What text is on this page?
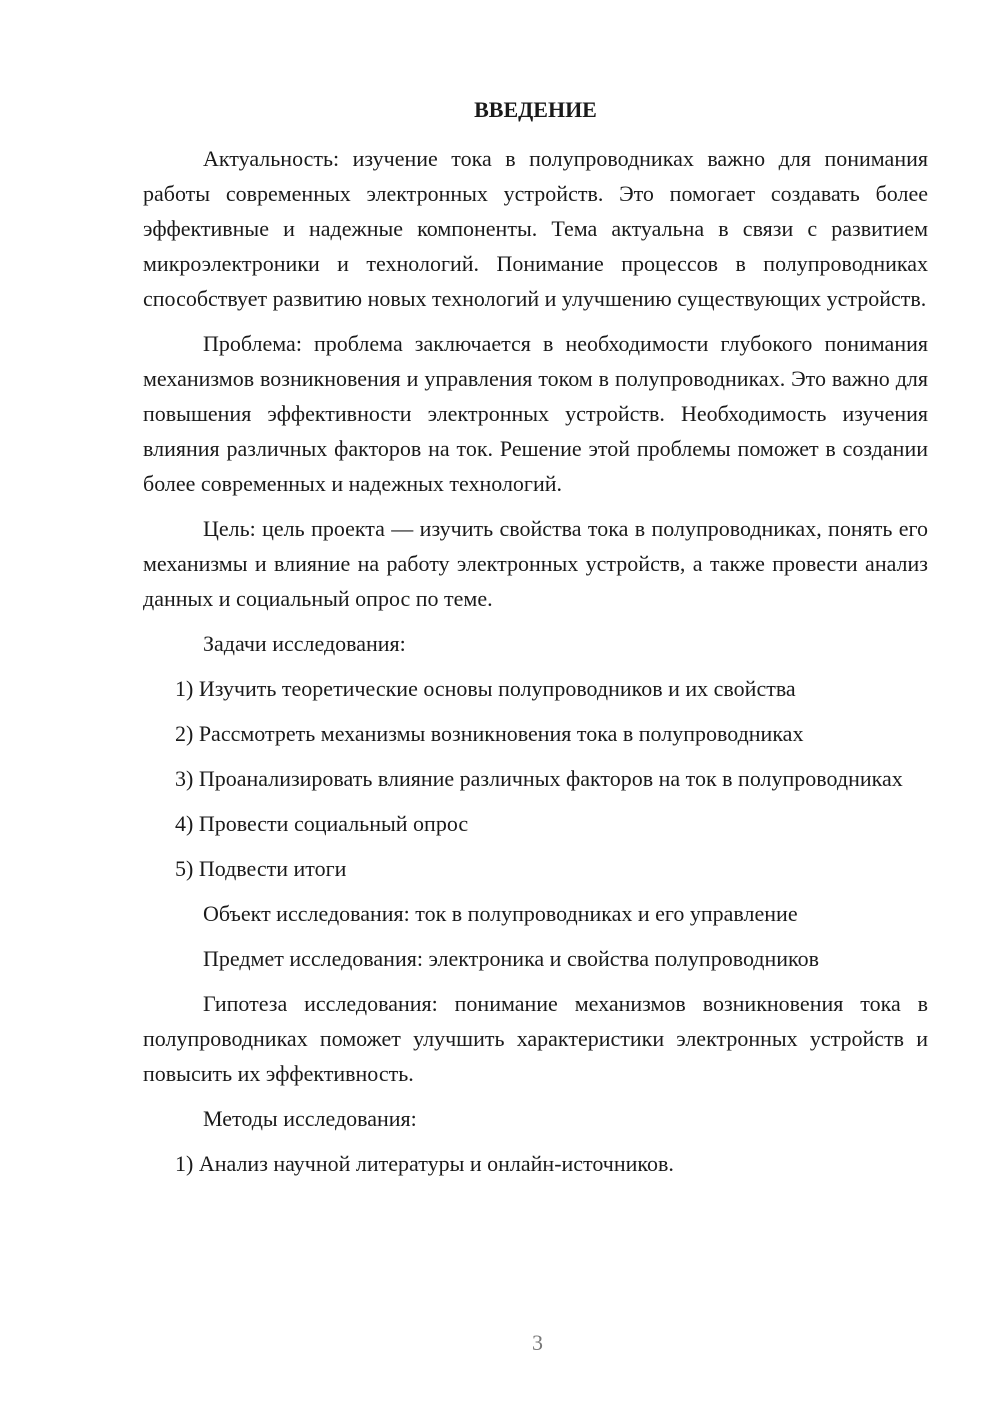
ВВЕДЕНИЕ

Актуальность: изучение тока в полупроводниках важно для понимания работы современных электронных устройств. Это помогает создавать более эффективные и надежные компоненты. Тема актуальна в связи с развитием микроэлектроники и технологий. Понимание процессов в полупроводниках способствует развитию новых технологий и улучшению существующих устройств.

Проблема: проблема заключается в необходимости глубокого понимания механизмов возникновения и управления током в полупроводниках. Это важно для повышения эффективности электронных устройств. Необходимость изучения влияния различных факторов на ток. Решение этой проблемы поможет в создании более современных и надежных технологий.

Цель: цель проекта — изучить свойства тока в полупроводниках, понять его механизмы и влияние на работу электронных устройств, а также провести анализ данных и социальный опрос по теме.

Задачи исследования:

1) Изучить теоретические основы полупроводников и их свойства

2) Рассмотреть механизмы возникновения тока в полупроводниках

3) Проанализировать влияние различных факторов на ток в полупроводниках

4) Провести социальный опрос

5) Подвести итоги

Объект исследования: ток в полупроводниках и его управление

Предмет исследования: электроника и свойства полупроводников

Гипотеза исследования: понимание механизмов возникновения тока в полупроводниках поможет улучшить характеристики электронных устройств и повысить их эффективность.

Методы исследования:

1) Анализ научной литературы и онлайн-источников.

3
